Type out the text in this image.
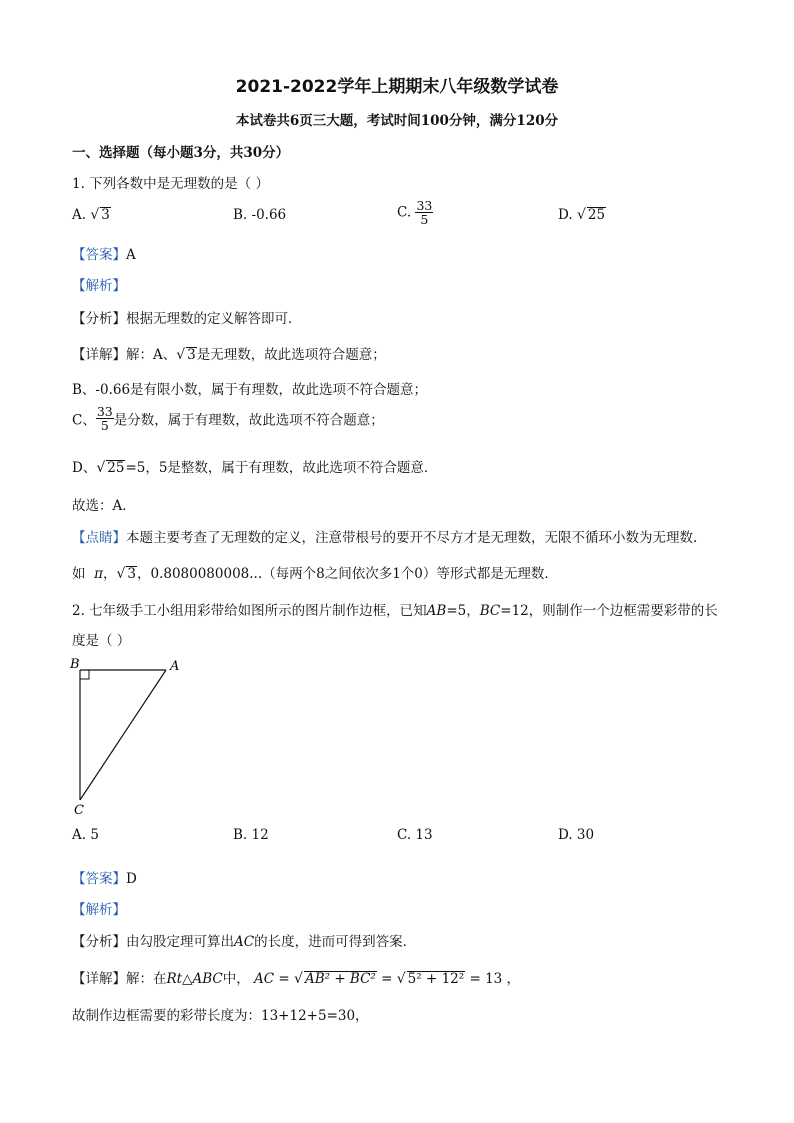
2021-2022学年上期期末八年级数学试卷
本试卷共6页三大题，考试时间100分钟，满分120分
一、选择题（每小题3分，共30分）
1. 下列各数中是无理数的是（ ）
A. √ 3	B. -0.66	C. $\frac{33}{5}$	D. √ 25
【答案】A
【解析】
【分析】根据无理数的定义解答即可．
【详解】解：A、√ 3是无理数，故此选项符合题意；
B、-0.66是有限小数，属于有理数，故此选项不符合题意；
C、 $\frac{33}{5}$ 是分数，属于有理数，故此选项不符合题意；
D、√ 25=5，5是整数，属于有理数，故此选项不符合题意．
故选：A．
【点睛】本题主要考查了无理数的定义，注意带根号的要开不尽方才是无理数，无限不循环小数为无理数.
如 π，√ 3，0.8080080008...（每两个8之间依次多1个0）等形式都是无理数．
2. 七年级手工小组用彩带给如图所示的图片制作边框，已知AB=5，BC=12，则制作一个边框需要彩带的长
度是（ ）
B	A
C
A. 5	B. 12	C. 13	D. 30
【答案】D
【解析】
【分析】由勾股定理可算出AC的长度，进而可得到答案．
【详解】解：在Rt△ABC中， AC = √ AB² + BC² = √ 5² + 12² = 13 ，
故制作边框需要的彩带长度为：13+12+5=30，
